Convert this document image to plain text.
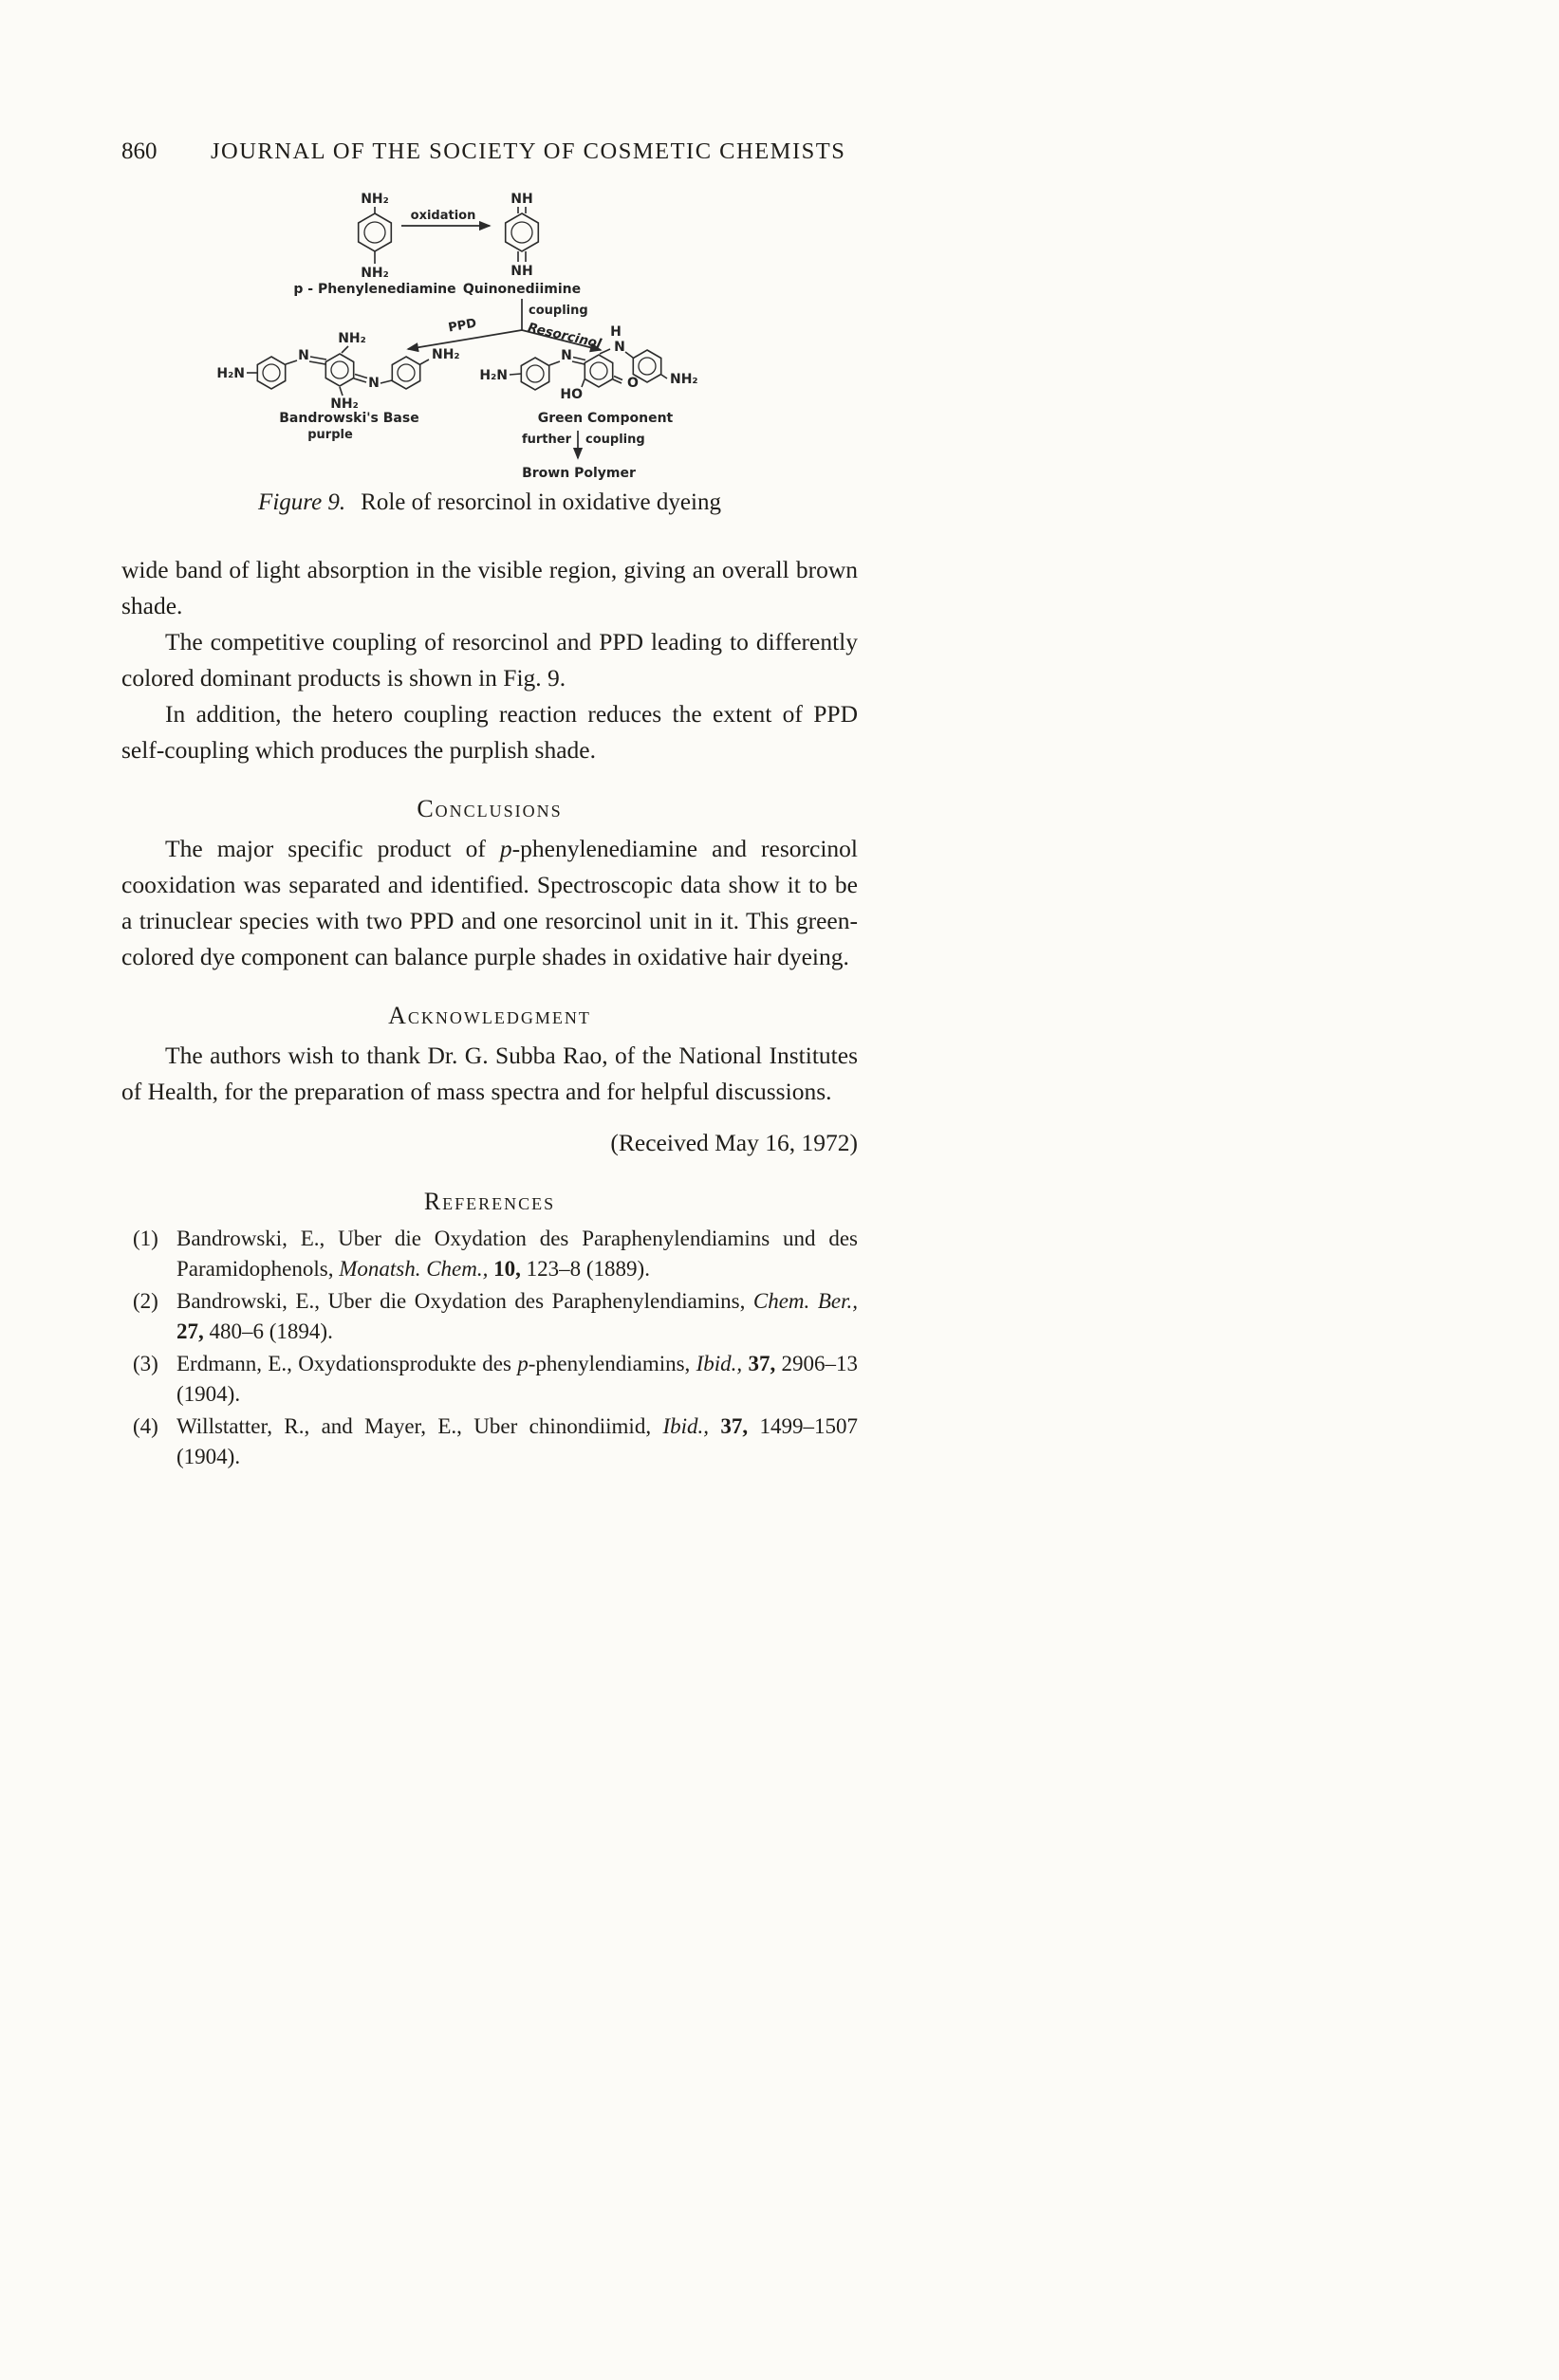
860	JOURNAL OF THE SOCIETY OF COSMETIC CHEMISTS
NH₂
NH₂
p - Phenylenediamine
oxidation
NH
NH
Quinonediimine
coupling
PPD	Resorcinol
H₂N
N
NH₂
NH₂
N
NH₂
Bandrowski's Base
purple
H₂N
N
HO
O
H
N
NH₂
Green Component
further coupling
Brown Polymer
Figure 9. Role of resorcinol in oxidative dyeing

wide band of light absorption in the visible region, giving an overall brown shade.

The competitive coupling of resorcinol and PPD leading to differently colored dominant products is shown in Fig. 9.

In addition, the hetero coupling reaction reduces the extent of PPD self-coupling which produces the purplish shade.

Conclusions

The major specific product of p-phenylenediamine and resorcinol cooxidation was separated and identified. Spectroscopic data show it to be a trinuclear species with two PPD and one resorcinol unit in it. This green-colored dye component can balance purple shades in oxidative hair dyeing.

Acknowledgment

The authors wish to thank Dr. G. Subba Rao, of the National Institutes of Health, for the preparation of mass spectra and for helpful discussions.

(Received May 16, 1972)

References
(1) Bandrowski, E., Uber die Oxydation des Paraphenylendiamins und des Paramidophenols, Monatsh. Chem., 10, 123–8 (1889).
(2) Bandrowski, E., Uber die Oxydation des Paraphenylendiamins, Chem. Ber., 27, 480–6 (1894).
(3) Erdmann, E., Oxydationsprodukte des p-phenylendiamins, Ibid., 37, 2906–13 (1904).
(4) Willstatter, R., and Mayer, E., Uber chinondiimid, Ibid., 37, 1499–1507 (1904).
